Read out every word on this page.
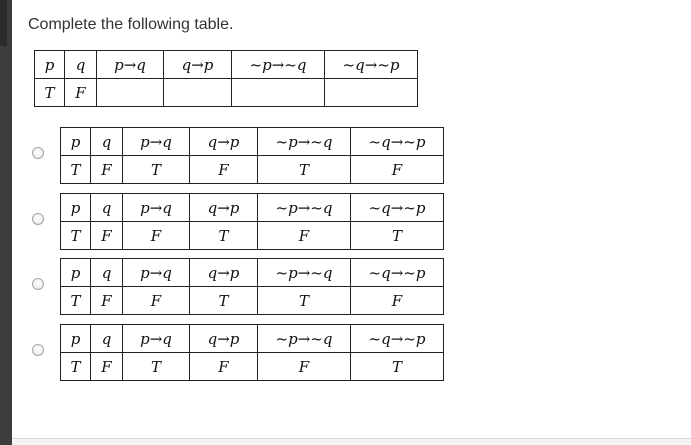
Complete the following table.
p	q	p→q	q→p	~p→~q	~q→~p
T	F				
p	q	p→q	q→p	~p→~q	~q→~p
T	F	T	F	T	F
p	q	p→q	q→p	~p→~q	~q→~p
T	F	F	T	F	T
p	q	p→q	q→p	~p→~q	~q→~p
T	F	F	T	T	F
p	q	p→q	q→p	~p→~q	~q→~p
T	F	T	F	F	T
